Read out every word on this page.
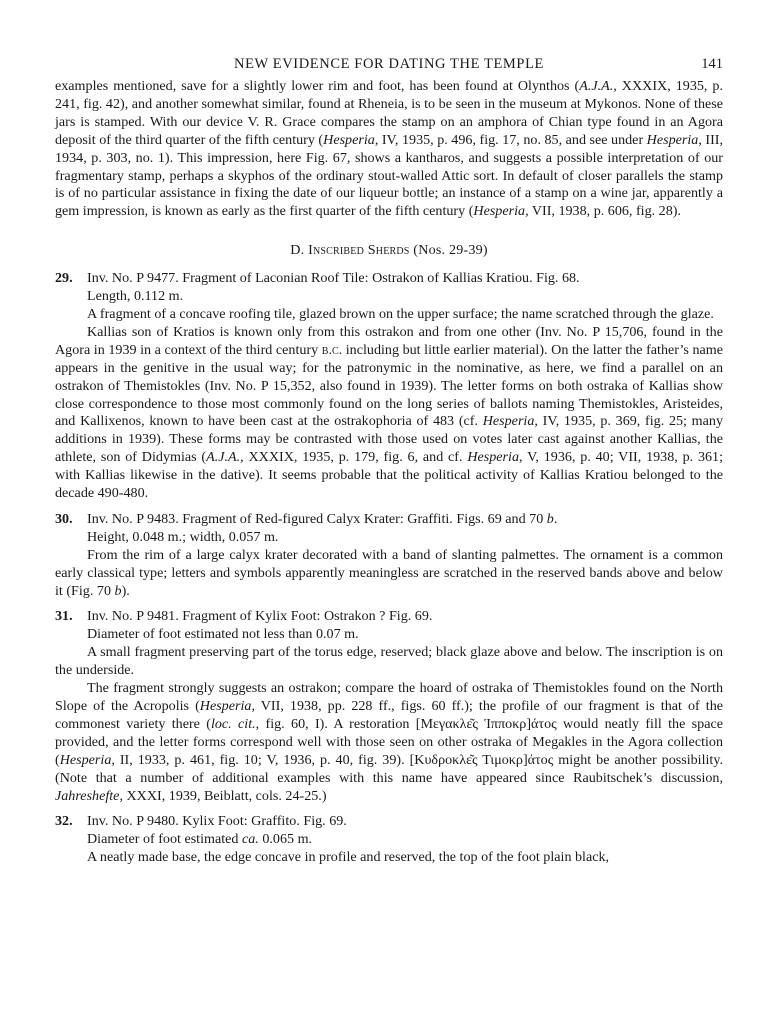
NEW EVIDENCE FOR DATING THE TEMPLE	141

examples mentioned, save for a slightly lower rim and foot, has been found at Olynthos (A.J.A., XXXIX, 1935, p. 241, fig. 42), and another somewhat similar, found at Rheneia, is to be seen in the museum at Mykonos. None of these jars is stamped. With our device V. R. Grace compares the stamp on an amphora of Chian type found in an Agora deposit of the third quarter of the fifth century (Hesperia, IV, 1935, p. 496, fig. 17, no. 85, and see under Hesperia, III, 1934, p. 303, no. 1). This impression, here Fig. 67, shows a kantharos, and suggests a possible interpretation of our fragmentary stamp, perhaps a skyphos of the ordinary stout-walled Attic sort. In default of closer parallels the stamp is of no particular assistance in fixing the date of our liqueur bottle; an instance of a stamp on a wine jar, apparently a gem impression, is known as early as the first quarter of the fifth century (Hesperia, VII, 1938, p. 606, fig. 28).

D. Inscribed Sherds (Nos. 29-39)

29. Inv. No. P 9477. Fragment of Laconian Roof Tile: Ostrakon of Kallias Kratiou. Fig. 68.

Length, 0.112 m.

A fragment of a concave roofing tile, glazed brown on the upper surface; the name scratched through the glaze.

Kallias son of Kratios is known only from this ostrakon and from one other (Inv. No. P 15,706, found in the Agora in 1939 in a context of the third century b.c. including but little earlier material). On the latter the father’s name appears in the genitive in the usual way; for the patronymic in the nominative, as here, we find a parallel on an ostrakon of Themistokles (Inv. No. P 15,352, also found in 1939). The letter forms on both ostraka of Kallias show close correspondence to those most commonly found on the long series of ballots naming Themistokles, Aristeides, and Kallixenos, known to have been cast at the ostrakophoria of 483 (cf. Hesperia, IV, 1935, p. 369, fig. 25; many additions in 1939). These forms may be contrasted with those used on votes later cast against another Kallias, the athlete, son of Didymias (A.J.A., XXXIX, 1935, p. 179, fig. 6, and cf. Hesperia, V, 1936, p. 40; VII, 1938, p. 361; with Kallias likewise in the dative). It seems probable that the political activity of Kallias Kratiou belonged to the decade 490-480.

30. Inv. No. P 9483. Fragment of Red-figured Calyx Krater: Graffiti. Figs. 69 and 70 b.

Height, 0.048 m.; width, 0.057 m.

From the rim of a large calyx krater decorated with a band of slanting palmettes. The ornament is a common early classical type; letters and symbols apparently meaningless are scratched in the reserved bands above and below it (Fig. 70 b).

31. Inv. No. P 9481. Fragment of Kylix Foot: Ostrakon ? Fig. 69.

Diameter of foot estimated not less than 0.07 m.

A small fragment preserving part of the torus edge, reserved; black glaze above and below. The inscription is on the underside.

The fragment strongly suggests an ostrakon; compare the hoard of ostraka of Themistokles found on the North Slope of the Acropolis (Hesperia, VII, 1938, pp. 228 ff., figs. 60 ff.); the profile of our fragment is that of the commonest variety there (loc. cit., fig. 60, I). A restoration [Μεγακλε͂ς Ἱπποκρ]άτος would neatly fill the space provided, and the letter forms correspond well with those seen on other ostraka of Megakles in the Agora collection (Hesperia, II, 1933, p. 461, fig. 10; V, 1936, p. 40, fig. 39). [Κυδροκλε͂ς Τιμοκρ]άτος might be another possibility. (Note that a number of additional examples with this name have appeared since Raubitschek’s discussion, Jahreshefte, XXXI, 1939, Beiblatt, cols. 24-25.)

32. Inv. No. P 9480. Kylix Foot: Graffito. Fig. 69.

Diameter of foot estimated ca. 0.065 m.

A neatly made base, the edge concave in profile and reserved, the top of the foot plain black,
